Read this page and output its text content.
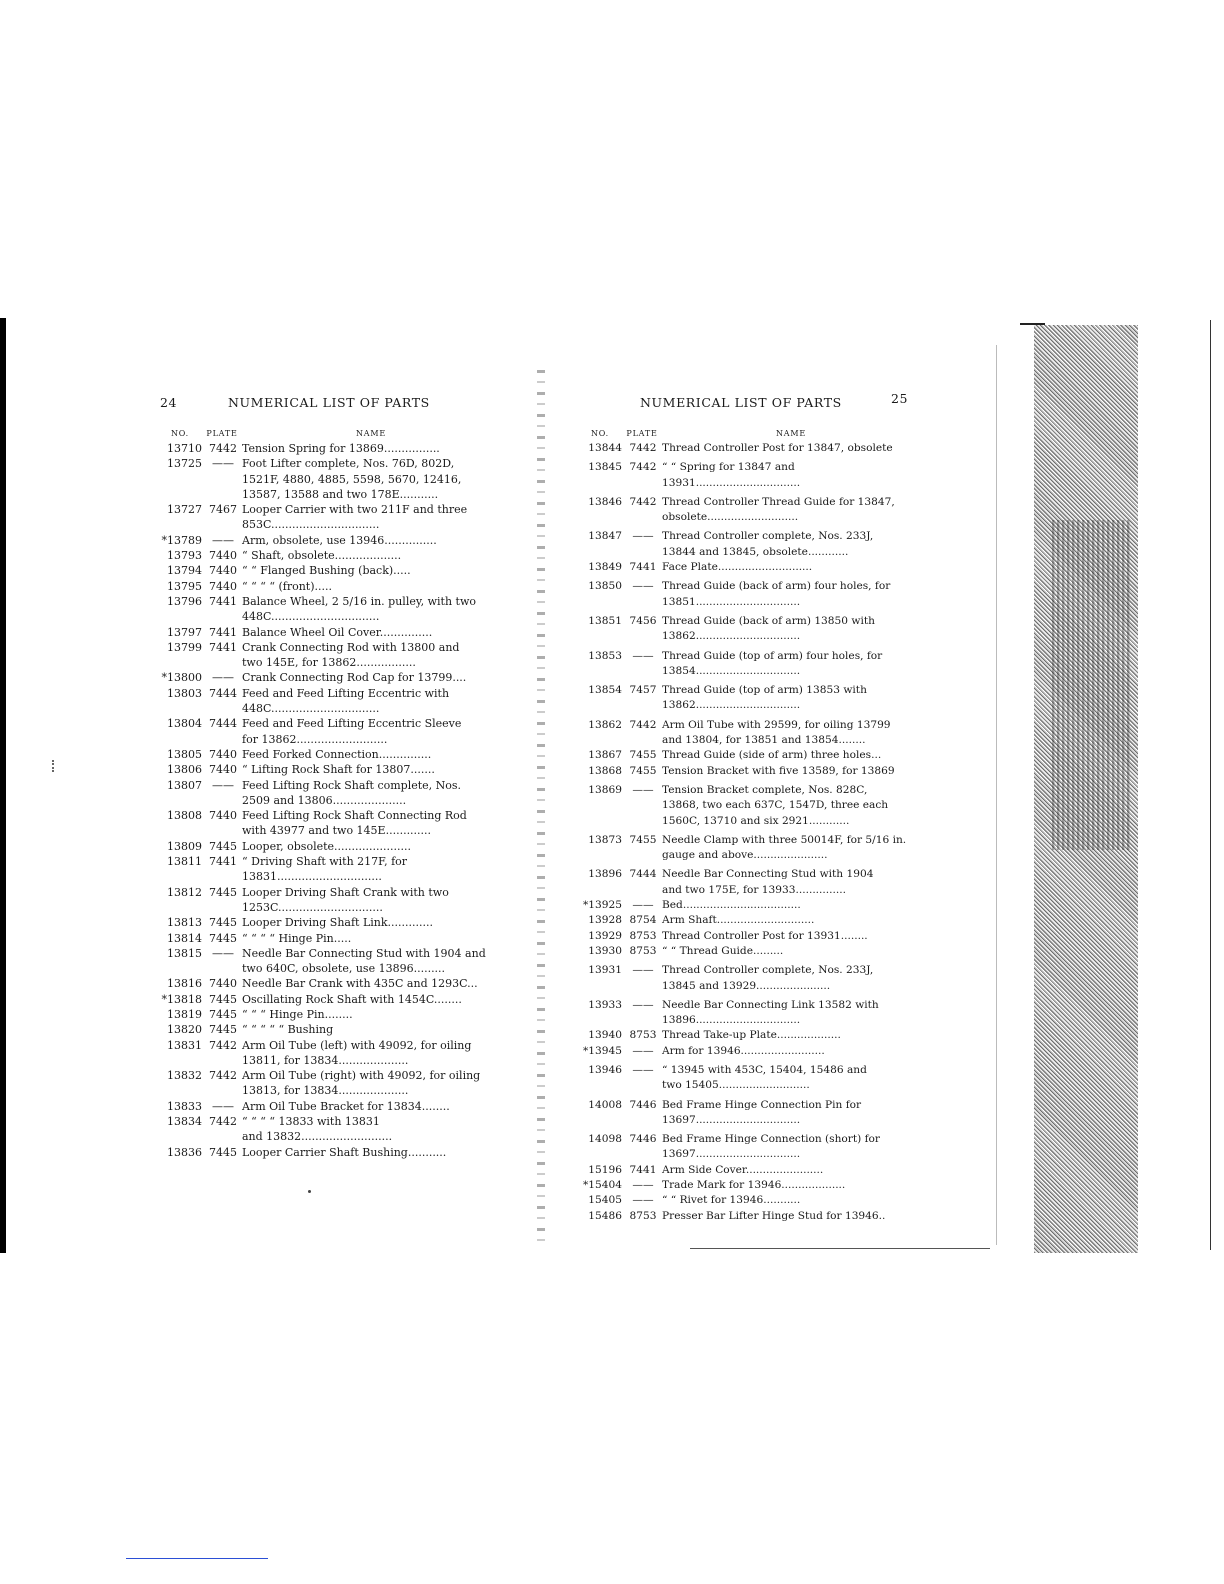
24	NUMERICAL LIST OF PARTS
NO.	PLATE	NAME
13710	7442	Tension Spring for 13869................

13725	——	Foot Lifter complete, Nos. 76D, 802D,
1521F, 4880, 4885, 5598, 5670, 12416,
13587, 13588 and two 178E...........

13727	7467	Looper Carrier with two 211F and three
853C...............................

*13789	——	Arm, obsolete, use 13946...............

13793	7440	“ Shaft, obsolete...................

13794	7440	“ “ Flanged Bushing (back).....

13795	7440	“ “ “ “ (front).....

13796	7441	Balance Wheel, 2 5/16 in. pulley, with two
448C...............................

13797	7441	Balance Wheel Oil Cover...............

13799	7441	Crank Connecting Rod with 13800 and
two 145E, for 13862.................

*13800	——	Crank Connecting Rod Cap for 13799....

13803	7444	Feed and Feed Lifting Eccentric with
448C...............................

13804	7444	Feed and Feed Lifting Eccentric Sleeve
for 13862..........................

13805	7440	Feed Forked Connection...............

13806	7440	“ Lifting Rock Shaft for 13807.......

13807	——	Feed Lifting Rock Shaft complete, Nos.
2509 and 13806.....................

13808	7440	Feed Lifting Rock Shaft Connecting Rod
with 43977 and two 145E.............

13809	7445	Looper, obsolete......................

13811	7441	“ Driving Shaft with 217F, for
13831..............................

13812	7445	Looper Driving Shaft Crank with two
1253C..............................

13813	7445	Looper Driving Shaft Link.............

13814	7445	“ “ “ “ Hinge Pin.....

13815	——	Needle Bar Connecting Stud with 1904 and
two 640C, obsolete, use 13896.........

13816	7440	Needle Bar Crank with 435C and 1293C...

*13818	7445	Oscillating Rock Shaft with 1454C........

13819	7445	“ “ “ Hinge Pin........

13820	7445	“ “ “ “ “ Bushing

13831	7442	Arm Oil Tube (left) with 49092, for oiling
13811, for 13834....................

13832	7442	Arm Oil Tube (right) with 49092, for oiling
13813, for 13834....................

13833	——	Arm Oil Tube Bracket for 13834........

13834	7442	“ “ “ “ 13833 with 13831
and 13832..........................

13836	7445	Looper Carrier Shaft Bushing...........
NUMERICAL LIST OF PARTS	25
NO.	PLATE	NAME
13844	7442	Thread Controller Post for 13847, obsolete

13845	7442	“ “ Spring for 13847 and
13931...............................

13846	7442	Thread Controller Thread Guide for 13847,
obsolete...........................

13847	——	Thread Controller complete, Nos. 233J,
13844 and 13845, obsolete............

13849	7441	Face Plate............................

13850	——	Thread Guide (back of arm) four holes, for
13851...............................

13851	7456	Thread Guide (back of arm) 13850 with
13862...............................

13853	——	Thread Guide (top of arm) four holes, for
13854...............................

13854	7457	Thread Guide (top of arm) 13853 with
13862...............................

13862	7442	Arm Oil Tube with 29599, for oiling 13799
and 13804, for 13851 and 13854........

13867	7455	Thread Guide (side of arm) three holes...

13868	7455	Tension Bracket with five 13589, for 13869

13869	——	Tension Bracket complete, Nos. 828C,
13868, two each 637C, 1547D, three each
1560C, 13710 and six 2921............

13873	7455	Needle Clamp with three 50014F, for 5/16 in.
gauge and above......................

13896	7444	Needle Bar Connecting Stud with 1904
and two 175E, for 13933...............

*13925	——	Bed...................................

13928	8754	Arm Shaft.............................

13929	8753	Thread Controller Post for 13931........

13930	8753	“ “ Thread Guide.........

13931	——	Thread Controller complete, Nos. 233J,
13845 and 13929......................

13933	——	Needle Bar Connecting Link 13582 with
13896...............................

13940	8753	Thread Take-up Plate...................

*13945	——	Arm for 13946.........................

13946	——	“ 13945 with 453C, 15404, 15486 and
two 15405...........................

14008	7446	Bed Frame Hinge Connection Pin for
13697...............................

14098	7446	Bed Frame Hinge Connection (short) for
13697...............................

15196	7441	Arm Side Cover.......................

*15404	——	Trade Mark for 13946...................

15405	——	“ “ Rivet for 13946...........

15486	8753	Presser Bar Lifter Hinge Stud for 13946..
